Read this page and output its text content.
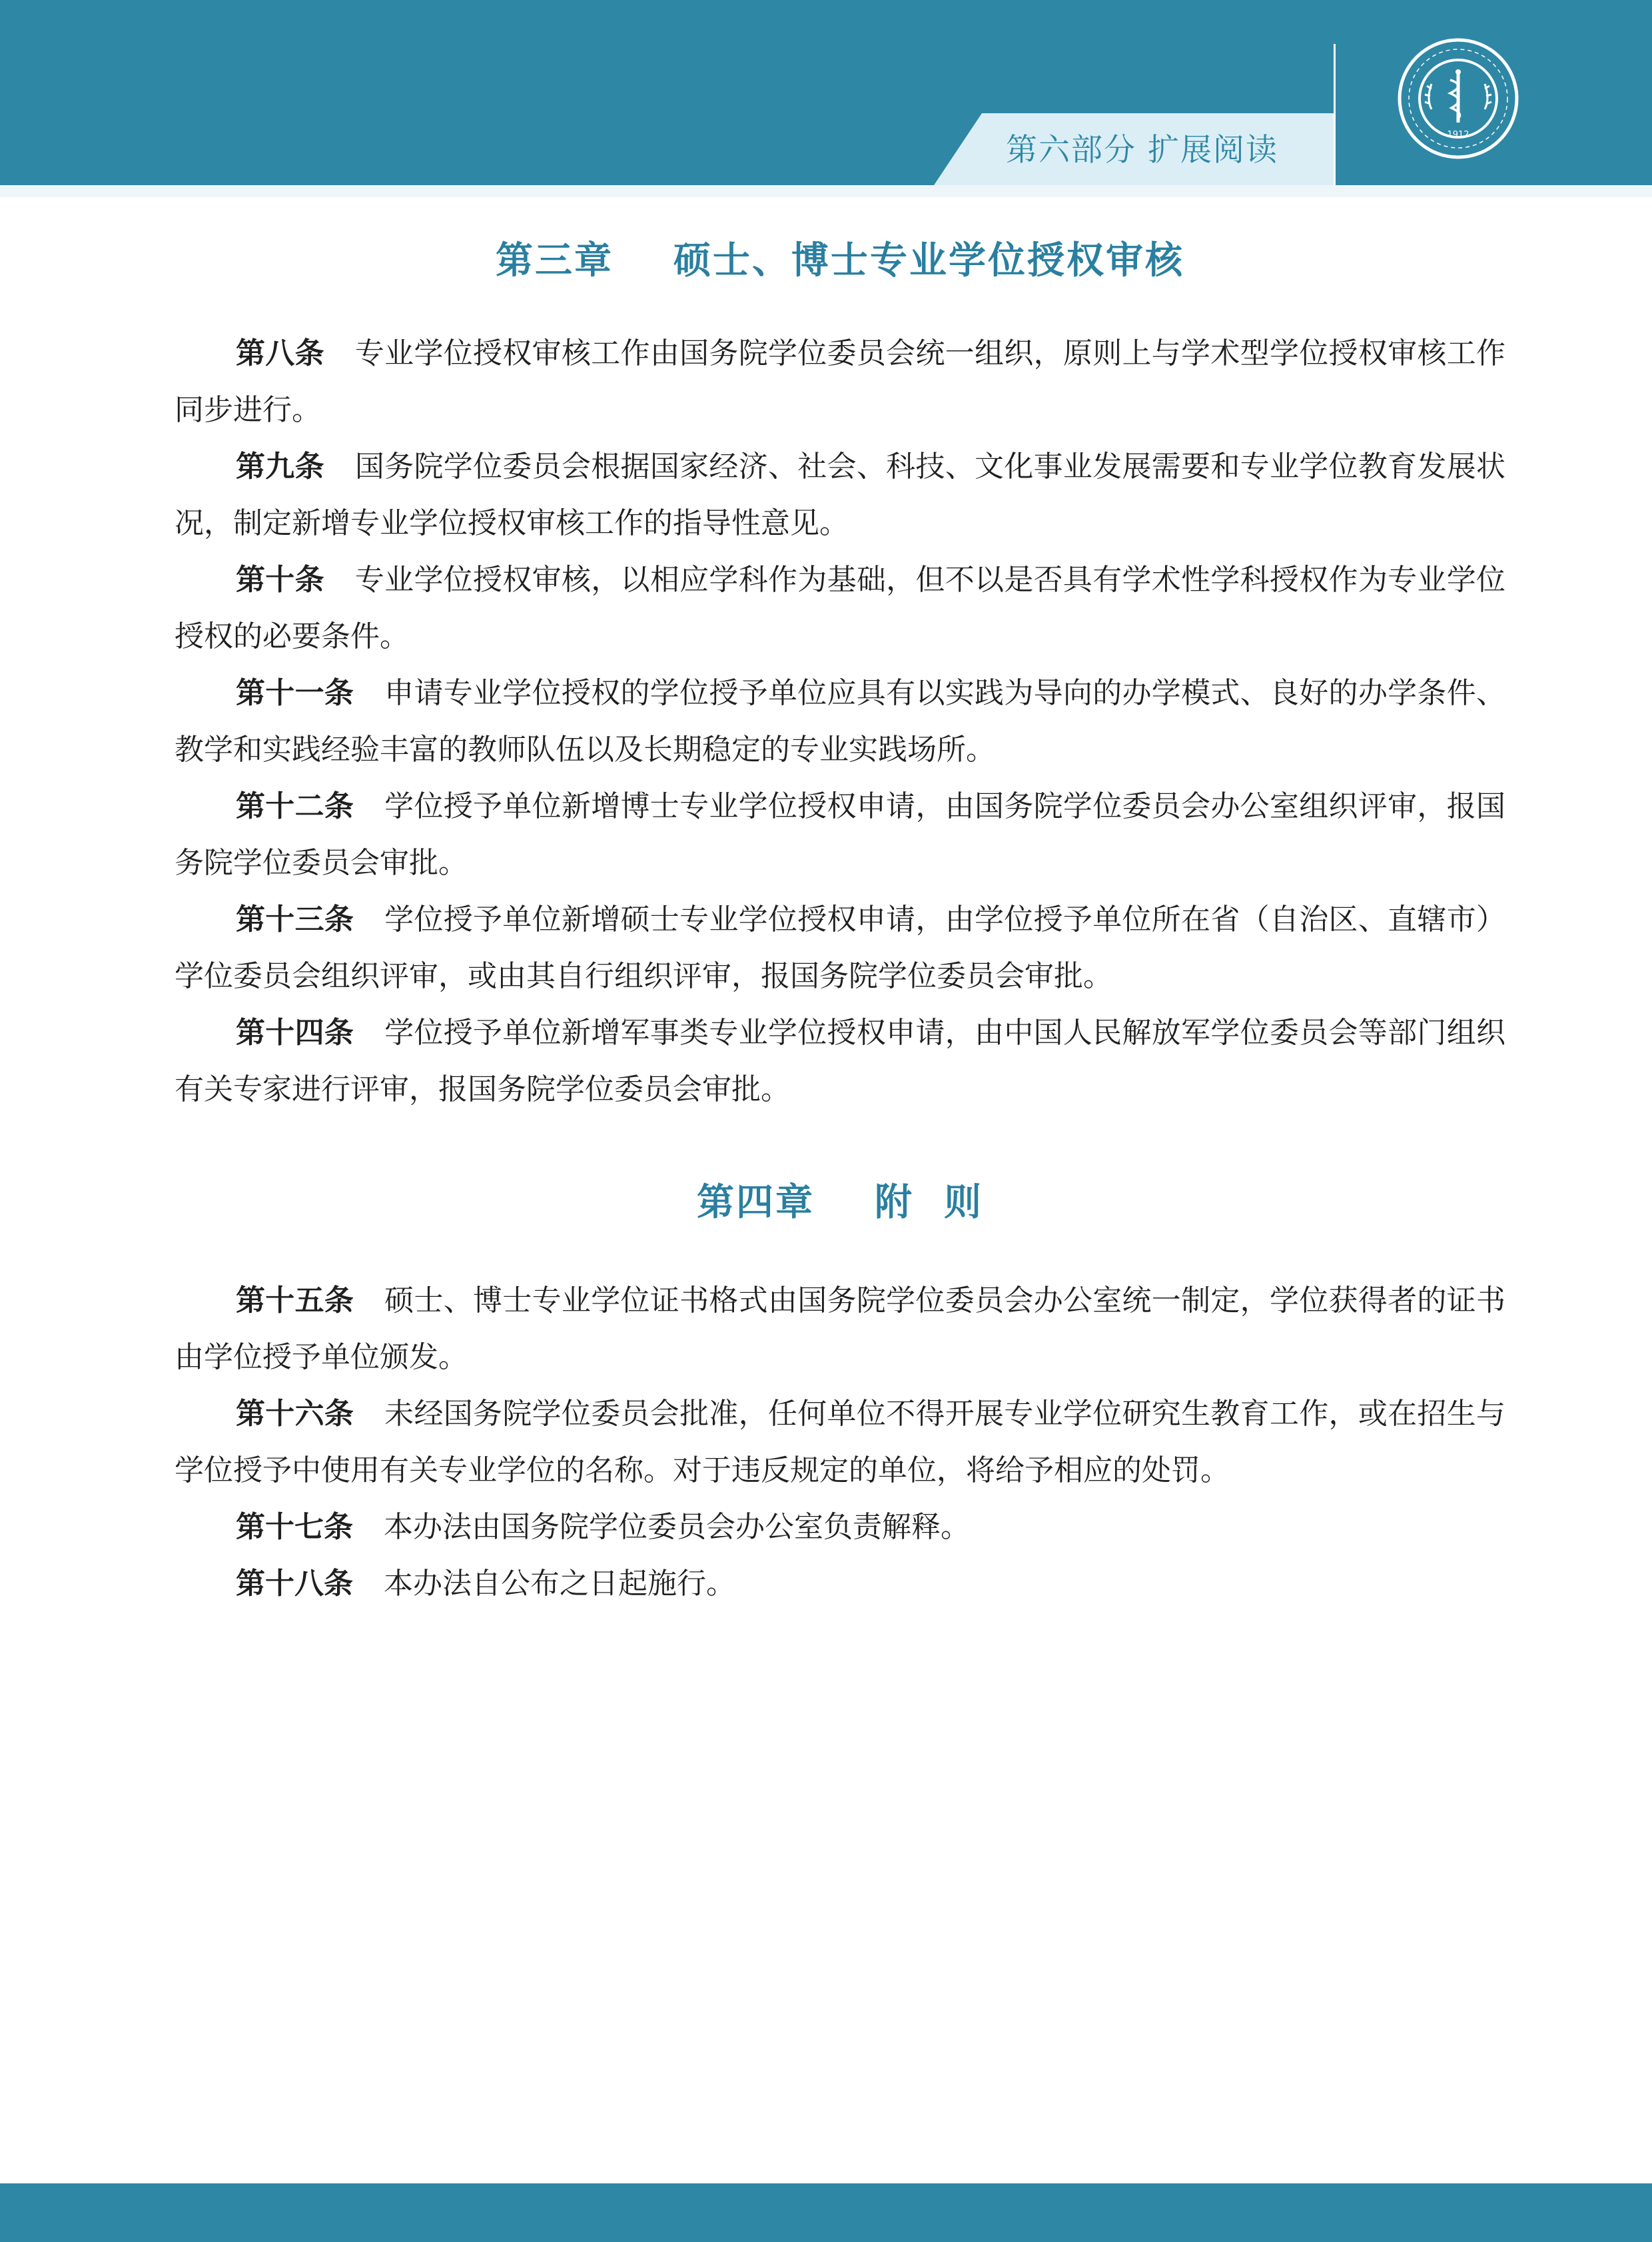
第六部分 扩展阅读	1912
第三章    硕士、博士专业学位授权审核

第八条 专业学位授权审核工作由国务院学位委员会统一组织，原则上与学术型学位授权审核工作同步进行。

第九条 国务院学位委员会根据国家经济、社会、科技、文化事业发展需要和专业学位教育发展状况，制定新增专业学位授权审核工作的指导性意见。

第十条 专业学位授权审核，以相应学科作为基础，但不以是否具有学术性学科授权作为专业学位授权的必要条件。

第十一条 申请专业学位授权的学位授予单位应具有以实践为导向的办学模式、良好的办学条件、教学和实践经验丰富的教师队伍以及长期稳定的专业实践场所。

第十二条 学位授予单位新增博士专业学位授权申请，由国务院学位委员会办公室组织评审，报国务院学位委员会审批。

第十三条 学位授予单位新增硕士专业学位授权申请，由学位授予单位所在省（自治区、直辖市）学位委员会组织评审，或由其自行组织评审，报国务院学位委员会审批。

第十四条 学位授予单位新增军事类专业学位授权申请，由中国人民解放军学位委员会等部门组织有关专家进行评审，报国务院学位委员会审批。

第四章    附  则

第十五条 硕士、博士专业学位证书格式由国务院学位委员会办公室统一制定，学位获得者的证书由学位授予单位颁发。

第十六条 未经国务院学位委员会批准，任何单位不得开展专业学位研究生教育工作，或在招生与学位授予中使用有关专业学位的名称。对于违反规定的单位，将给予相应的处罚。

第十七条 本办法由国务院学位委员会办公室负责解释。

第十八条 本办法自公布之日起施行。
